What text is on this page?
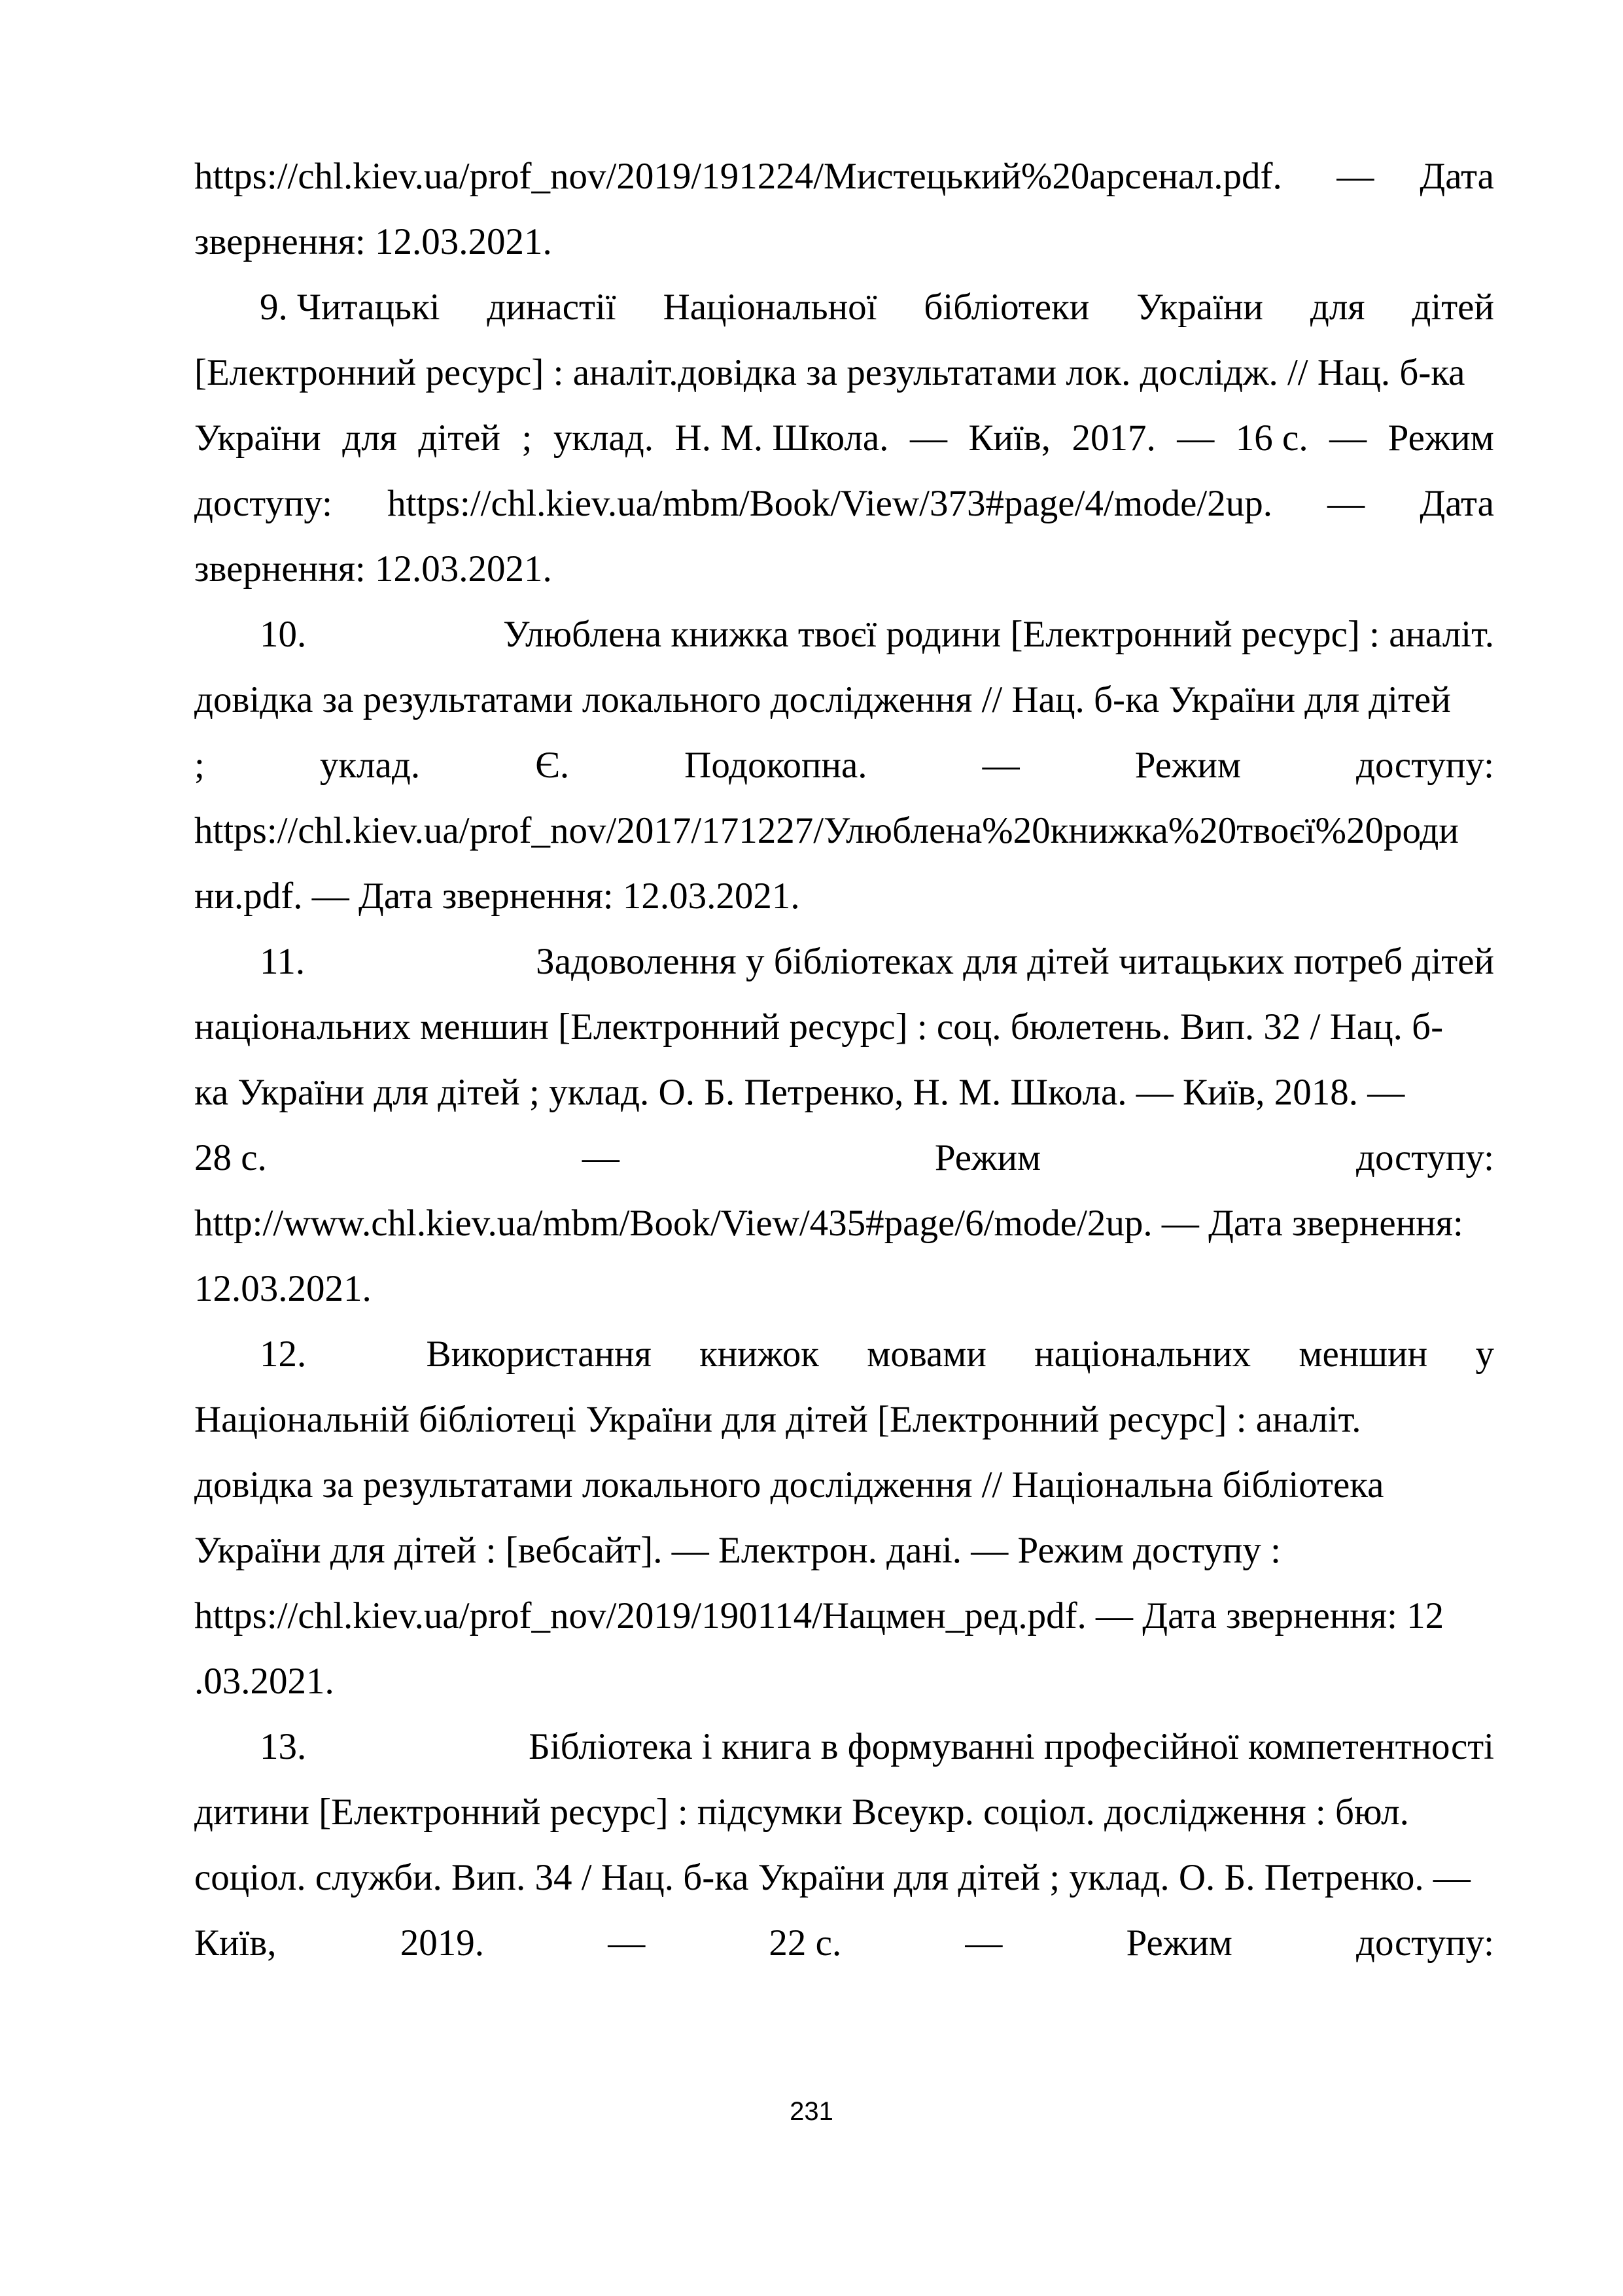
https://chl.kiev.ua/prof_nov/2019/191224/Мистецький%20арсенал.pdf. — Дата
звернення: 12.03.2021.
9. Читацькі династії Національної бібліотеки України для дітей
[Електронний ресурс] : аналіт.довідка за результатами лок. дослідж. // Нац. б-ка
України для дітей ; уклад. Н. М. Школа. — Київ, 2017. — 16 с. — Режим
доступу: https://chl.kiev.ua/mbm/Book/View/373#page/4/mode/2up. — Дата
звернення: 12.03.2021.
10.	Улюблена книжка твоєї родини [Електронний ресурс] : аналіт.
довідка за результатами локального дослідження // Нац. б-ка України для дітей
;	уклад.	Є.	Подокопна.	—	Режим	доступу:
https://chl.kiev.ua/prof_nov/2017/171227/Улюблена%20книжка%20твоєї%20роди
ни.pdf. — Дата звернення: 12.03.2021.
11.	Задоволення у бібліотеках для дітей читацьких потреб дітей
національних меншин [Електронний ресурс] : соц. бюлетень. Вип. 32 / Нац. б-
ка України для дітей ; уклад. О. Б. Петренко, Н. М. Школа. — Київ, 2018. —
28 с.	—	Режим	доступу:
http://www.chl.kiev.ua/mbm/Book/View/435#page/6/mode/2up. — Дата звернення:
12.03.2021.
12.	Використання книжок мовами національних меншин у
Національній бібліотеці України для дітей [Електронний ресурс] : аналіт.
довідка за результатами локального дослідження // Національна бібліотека
України для дітей : [вебсайт]. — Електрон. дані. — Режим доступу :
https://chl.kiev.ua/prof_nov/2019/190114/Нацмен_ред.pdf. — Дата звернення: 12
.03.2021.
13.	Бібліотека і книга в формуванні професійної компетентності
дитини [Електронний ресурс] : підсумки Всеукр. соціол. дослідження : бюл.
соціол. служби. Вип. 34 / Нац. б-ка України для дітей ; уклад. О. Б. Петренко. —
Київ,	2019.	—	22 с.	—	Режим	доступу:
231
